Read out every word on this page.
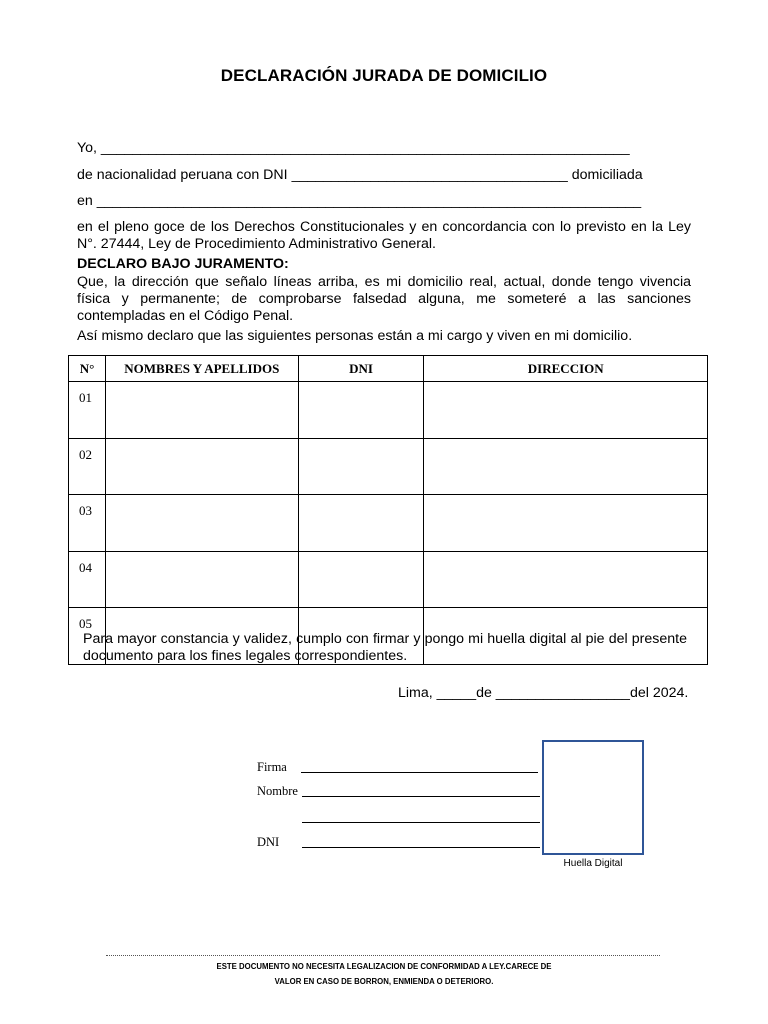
DECLARACIÓN JURADA DE DOMICILIO
Yo, ___________________________________________________________________
de nacionalidad peruana con DNI ___________________________________ domiciliada
en _____________________________________________________________________
en el pleno goce de los Derechos Constitucionales y en concordancia con lo previsto en la Ley N°. 27444, Ley de Procedimiento Administrativo General.
DECLARO BAJO JURAMENTO:
Que, la dirección que señalo líneas arriba, es mi domicilio real, actual, donde tengo vivencia física y permanente; de comprobarse falsedad alguna, me someteré a las sanciones contempladas en el Código Penal.
Así mismo declaro que las siguientes personas están a mi cargo y viven en mi domicilio.
N°	NOMBRES Y APELLIDOS	DNI	DIRECCION
01			
02			
03			
04			
05			
Para mayor constancia y validez, cumplo con firmar y pongo mi huella digital al pie del presente documento para los fines legales correspondientes.
Lima, _____de _________________del 2024.
Firma
Nombre
DNI
Huella Digital
ESTE DOCUMENTO NO NECESITA LEGALIZACION DE CONFORMIDAD A LEY.CARECE DE
VALOR EN CASO DE BORRON, ENMIENDA O DETERIORO.
